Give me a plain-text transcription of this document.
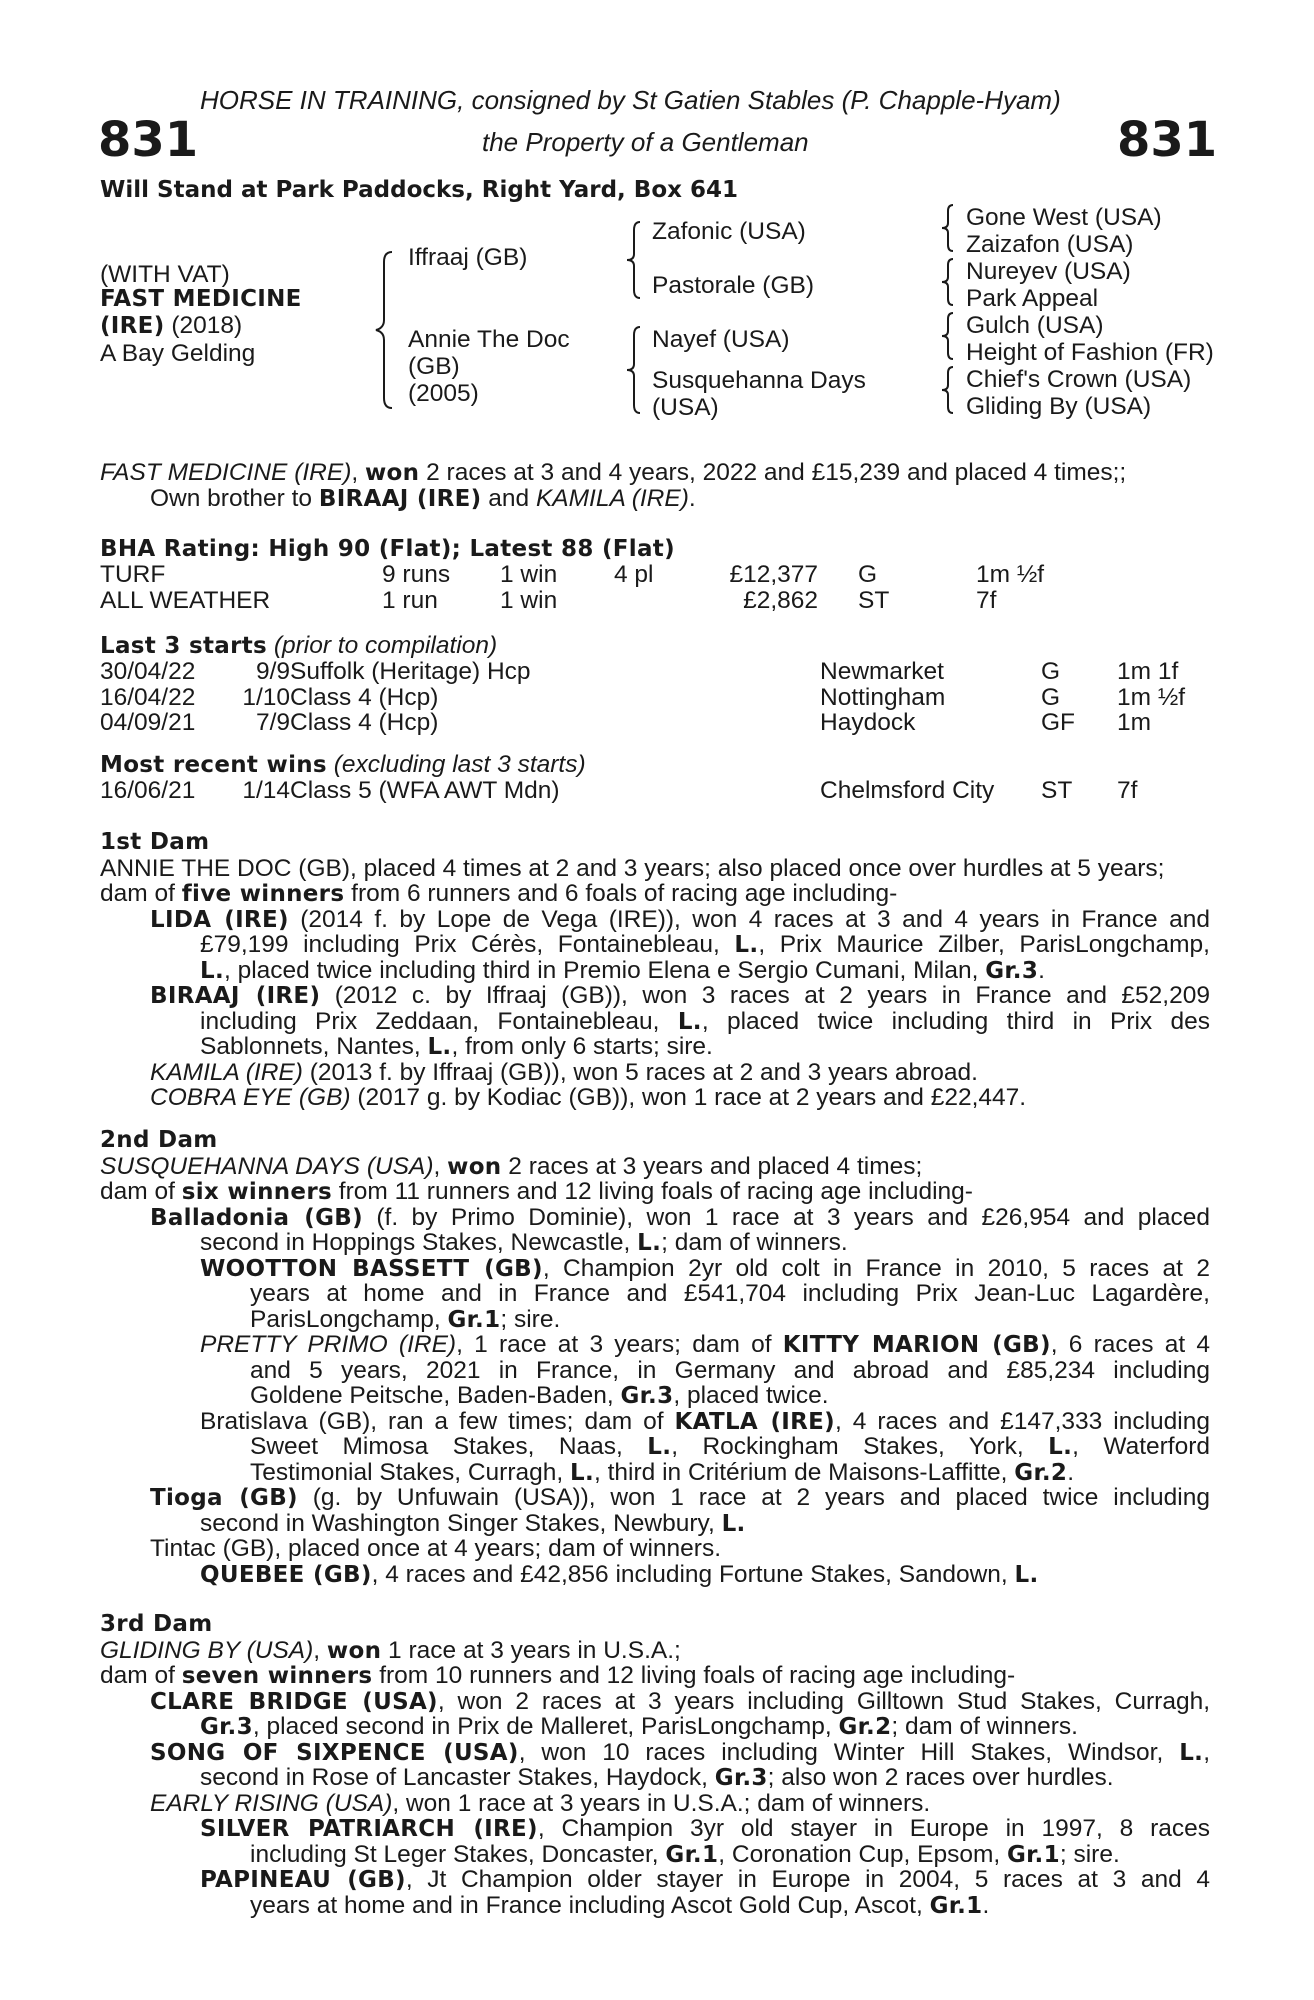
HORSE IN TRAINING, consigned by St Gatien Stables (P. Chapple-Hyam)
831	the Property of a Gentleman	831
Will Stand at Park Paddocks, Right Yard, Box 641
(WITH VAT)
FAST MEDICINE
(IRE) (2018)
A Bay Gelding
Iffraaj (GB)
Annie The Doc
(GB)
(2005)
Zafonic (USA)
Pastorale (GB)
Nayef (USA)
Susquehanna Days
(USA)
Gone West (USA)
Zaizafon (USA)
Nureyev (USA)
Park Appeal
Gulch (USA)
Height of Fashion (FR)
Chief's Crown (USA)
Gliding By (USA)
FAST MEDICINE (IRE), won 2 races at 3 and 4 years, 2022 and £15,239 and placed 4 times;;
Own brother to BIRAAJ (IRE) and KAMILA (IRE).
BHA Rating: High 90 (Flat); Latest 88 (Flat)
TURF	9 runs 1 win 4 pl	£12,377 G	1m ½f
ALL WEATHER	1 run	1 win	£2,862 ST	7f
Last 3 starts (prior to compilation)
30/04/22	9/9 Suffolk (Heritage) Hcp	Newmarket	G 1m 1f
16/04/22	1/10 Class 4 (Hcp)	Nottingham	G 1m ½f
04/09/21	7/9 Class 4 (Hcp)	Haydock	GF 1m
Most recent wins (excluding last 3 starts)
16/06/21	1/14 Class 5 (WFA AWT Mdn)	Chelmsford City ST 7f
1st Dam
ANNIE THE DOC (GB), placed 4 times at 2 and 3 years; also placed once over hurdles at 5 years;
dam of five winners from 6 runners and 6 foals of racing age including-
LIDA (IRE) (2014 f. by Lope de Vega (IRE)), won 4 races at 3 and 4 years in France and
£79,199 including Prix Cérès, Fontainebleau, L., Prix Maurice Zilber, ParisLongchamp,
L., placed twice including third in Premio Elena e Sergio Cumani, Milan, Gr.3.
BIRAAJ (IRE) (2012 c. by Iffraaj (GB)), won 3 races at 2 years in France and £52,209
including Prix Zeddaan, Fontainebleau, L., placed twice including third in Prix des
Sablonnets, Nantes, L., from only 6 starts; sire.
KAMILA (IRE) (2013 f. by Iffraaj (GB)), won 5 races at 2 and 3 years abroad.
COBRA EYE (GB) (2017 g. by Kodiac (GB)), won 1 race at 2 years and £22,447.
2nd Dam
SUSQUEHANNA DAYS (USA), won 2 races at 3 years and placed 4 times;
dam of six winners from 11 runners and 12 living foals of racing age including-
Balladonia (GB) (f. by Primo Dominie), won 1 race at 3 years and £26,954 and placed
second in Hoppings Stakes, Newcastle, L.; dam of winners.
WOOTTON BASSETT (GB), Champion 2yr old colt in France in 2010, 5 races at 2
years at home and in France and £541,704 including Prix Jean-Luc Lagardère,
ParisLongchamp, Gr.1; sire.
PRETTY PRIMO (IRE), 1 race at 3 years; dam of KITTY MARION (GB), 6 races at 4
and 5 years, 2021 in France, in Germany and abroad and £85,234 including
Goldene Peitsche, Baden-Baden, Gr.3, placed twice.
Bratislava (GB), ran a few times; dam of KATLA (IRE), 4 races and £147,333 including
Sweet Mimosa Stakes, Naas, L., Rockingham Stakes, York, L., Waterford
Testimonial Stakes, Curragh, L., third in Critérium de Maisons-Laffitte, Gr.2.
Tioga (GB) (g. by Unfuwain (USA)), won 1 race at 2 years and placed twice including
second in Washington Singer Stakes, Newbury, L.
Tintac (GB), placed once at 4 years; dam of winners.
QUEBEE (GB), 4 races and £42,856 including Fortune Stakes, Sandown, L.
3rd Dam
GLIDING BY (USA), won 1 race at 3 years in U.S.A.;
dam of seven winners from 10 runners and 12 living foals of racing age including-
CLARE BRIDGE (USA), won 2 races at 3 years including Gilltown Stud Stakes, Curragh,
Gr.3, placed second in Prix de Malleret, ParisLongchamp, Gr.2; dam of winners.
SONG OF SIXPENCE (USA), won 10 races including Winter Hill Stakes, Windsor, L.,
second in Rose of Lancaster Stakes, Haydock, Gr.3; also won 2 races over hurdles.
EARLY RISING (USA), won 1 race at 3 years in U.S.A.; dam of winners.
SILVER PATRIARCH (IRE), Champion 3yr old stayer in Europe in 1997, 8 races
including St Leger Stakes, Doncaster, Gr.1, Coronation Cup, Epsom, Gr.1; sire.
PAPINEAU (GB), Jt Champion older stayer in Europe in 2004, 5 races at 3 and 4
years at home and in France including Ascot Gold Cup, Ascot, Gr.1.
